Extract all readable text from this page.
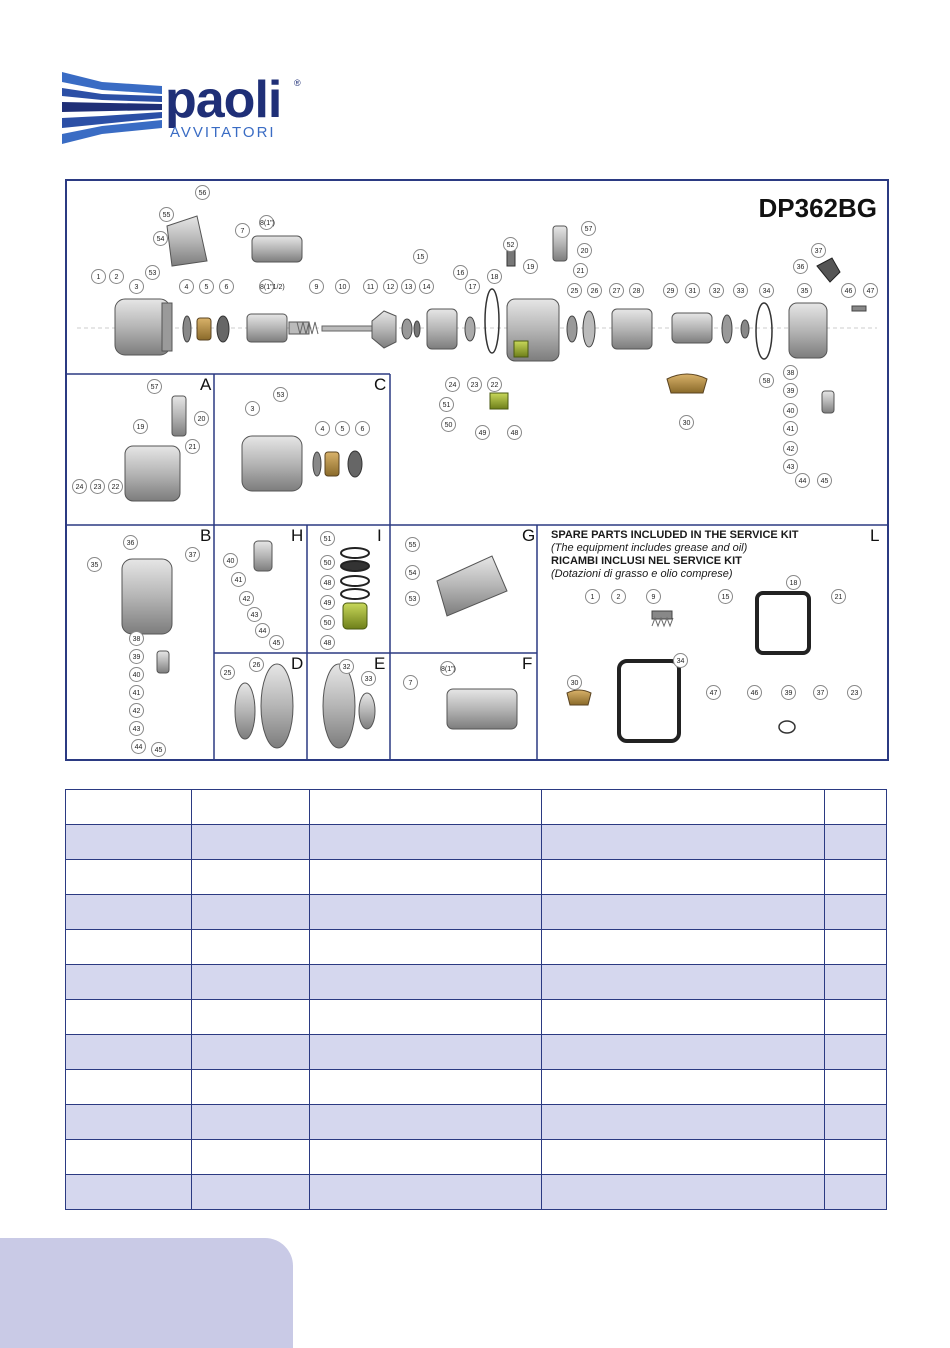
paoli ®
AVVITATORI
DP362BG
A
B
C
D	E	F
G
H	I	L
SPARE PARTS INCLUDED IN THE SERVICE KIT
(The equipment includes grease and oil)
RICAMBI INCLUSI NEL SERVICE KIT
(Dotazioni di grasso e olio comprese)
1	2
3	4	5	6
7
8(1")
8(1"1/2)	9	10	11	12	13	14
15
16
17
18
19
20
21
22
23
24
25	26	27	28	29
30
31	32	33	34	35
36
37
38
39
40
41
42
43
44	45
46	47
48
49
50
51
52
53
54
55
56
57
58
57
20
19
21
24	23	22
53
3
4	5	6
36
37
35
38
39
40
41
42
43
44	45
40
41
42
43
44
45
51
50
48
49
50
48
55
54
53
25
26	32
33
7
8(1")
1	2	9	15
18
21
30
34
47	46	39	37	23
